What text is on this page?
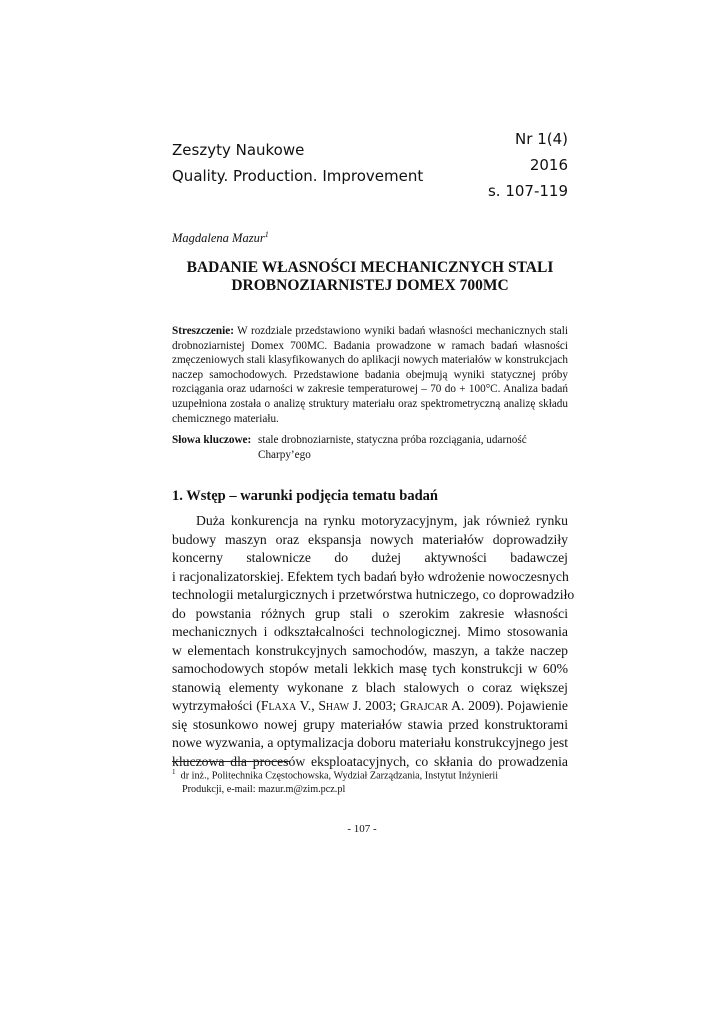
Zeszyty Naukowe
Quality. Production. Improvement
Nr 1(4)
2016
s. 107-119
Magdalena Mazur$^1$
BADANIE WŁASNOŚCI MECHANICZNYCH STALI
DROBNOZIARNISTEJ DOMEX 700MC
Streszczenie: W rozdziale przedstawiono wyniki badań własności mechanicznych stali drobnoziarnistej Domex 700MC. Badania prowadzone w ramach badań własności zmęczeniowych stali klasyfikowanych do aplikacji nowych materiałów w konstrukcjach naczep samochodowych. Przedstawione badania obejmują wyniki statycznej próby rozciągania oraz udarności w zakresie temperaturowej – 70 do + 100°C. Analiza badań uzupełniona została o analizę struktury materiału oraz spektrometryczną analizę składu chemicznego materiału.
Słowa kluczowe: stale drobnoziarniste, statyczna próba rozciągania, udarność
Charpy’ego
1. Wstęp – warunki podjęcia tematu badań
Duża konkurencja na rynku motoryzacyjnym, jak również rynku
budowy maszyn oraz ekspansja nowych materiałów doprowadziły
koncerny stalownicze do dużej aktywności badawczej
i racjonalizatorskiej. Efektem tych badań było wdrożenie nowoczesnych
technologii metalurgicznych i przetwórstwa hutniczego, co doprowadziło
do powstania różnych grup stali o szerokim zakresie własności
mechanicznych i odkształcalności technologicznej. Mimo stosowania
w elementach konstrukcyjnych samochodów, maszyn, a także naczep
samochodowych stopów metali lekkich masę tych konstrukcji w 60%
stanowią elementy wykonane z blach stalowych o coraz większej
wytrzymałości (Flaxa V., Shaw J. 2003; Grajcar A. 2009). Pojawienie
się stosunkowo nowej grupy materiałów stawia przed konstruktorami
nowe wyzwania, a optymalizacja doboru materiału konstrukcyjnego jest
kluczowa dla procesów eksploatacyjnych, co skłania do prowadzenia
$^1$ dr inż., Politechnika Częstochowska, Wydział Zarządzania, Instytut Inżynierii
Produkcji, e-mail: mazur.m@zim.pcz.pl
- 107 -
